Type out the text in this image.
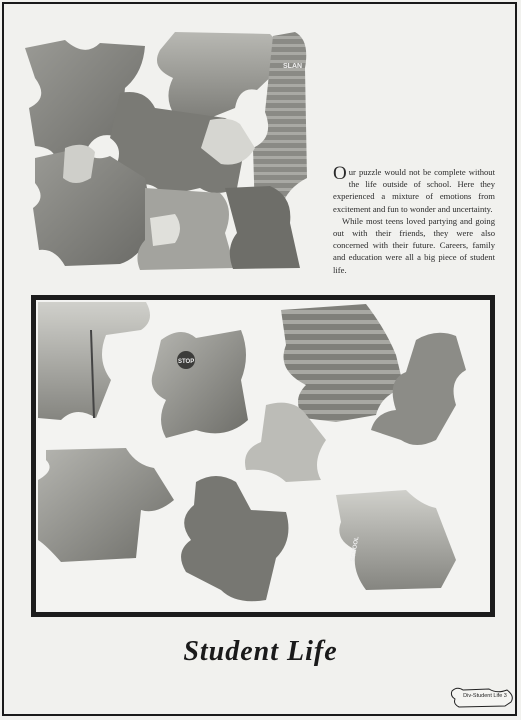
SLAN

Our puzzle would not be complete without the life outside of school. Here they experienced a mixture of emotions from excitement and fun to wonder and uncertainty.

While most teens loved partying and going out with their friends, they were also concerned with their future. Careers, family and education were all a big piece of student life.

STOP
SCHOOL
Student Life
Div-Student Life 3
